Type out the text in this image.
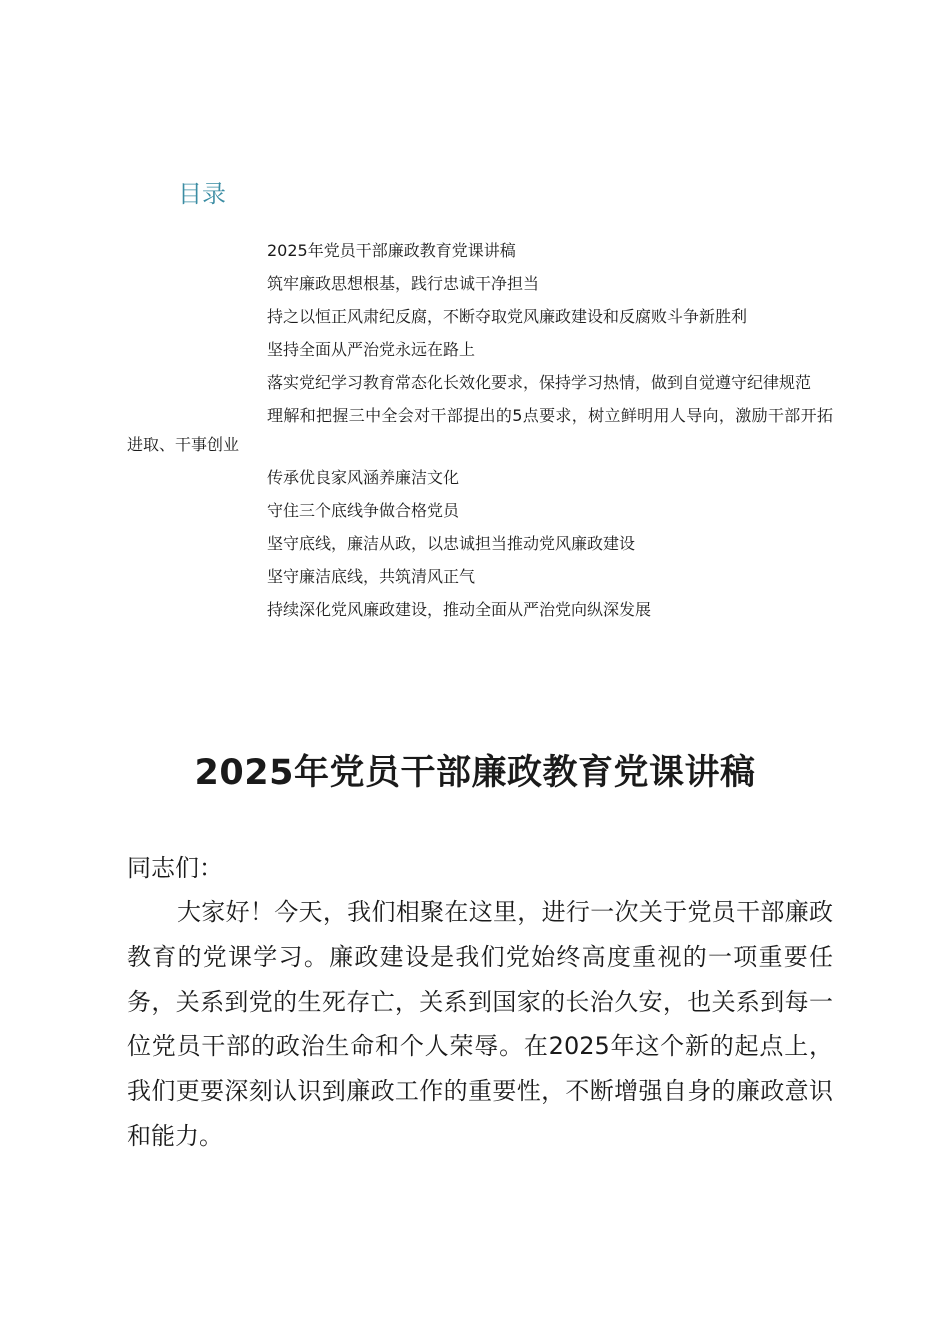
目录
2025年党员干部廉政教育党课讲稿
筑牢廉政思想根基，践行忠诚干净担当
持之以恒正风肃纪反腐，不断夺取党风廉政建设和反腐败斗争新胜利
坚持全面从严治党永远在路上
落实党纪学习教育常态化长效化要求，保持学习热情，做到自觉遵守纪律规范
理解和把握三中全会对干部提出的5点要求，树立鲜明用人导向，激励干部开拓进取、干事创业
传承优良家风涵养廉洁文化
守住三个底线争做合格党员
坚守底线，廉洁从政，以忠诚担当推动党风廉政建设
坚守廉洁底线，共筑清风正气
持续深化党风廉政建设，推动全面从严治党向纵深发展
2025年党员干部廉政教育党课讲稿

同志们：

大家好！今天，我们相聚在这里，进行一次关于党员干部廉政教育的党课学习。廉政建设是我们党始终高度重视的一项重要任务，关系到党的生死存亡，关系到国家的长治久安，也关系到每一位党员干部的政治生命和个人荣辱。在2025年这个新的起点上，我们更要深刻认识到廉政工作的重要性，不断增强自身的廉政意识和能力。
